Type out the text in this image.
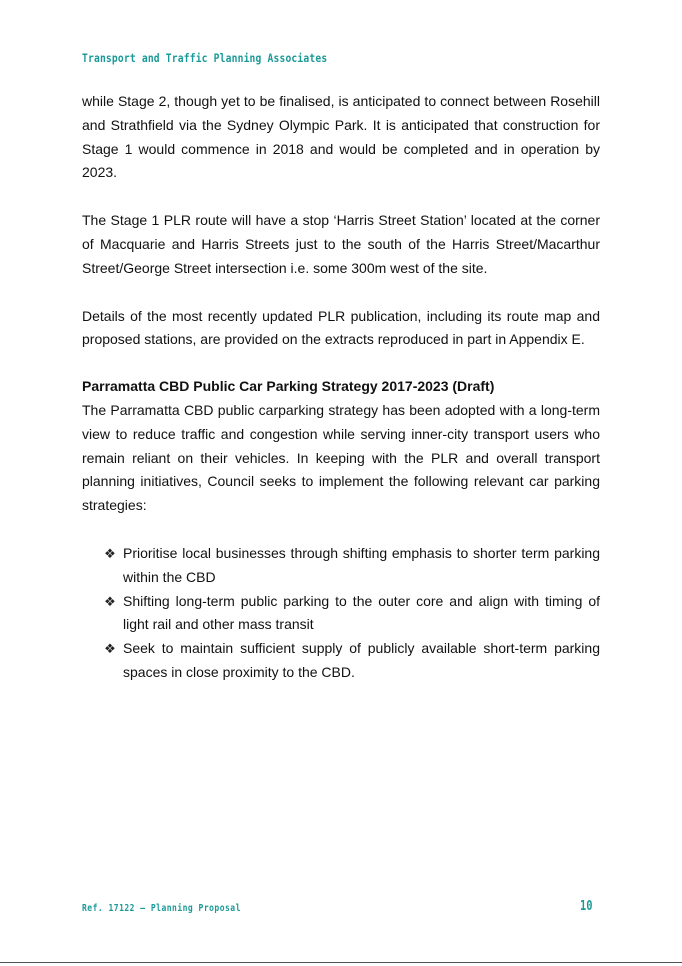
Transport and Traffic Planning Associates

while Stage 2, though yet to be finalised, is anticipated to connect between Rosehill and Strathfield via the Sydney Olympic Park. It is anticipated that construction for Stage 1 would commence in 2018 and would be completed and in operation by 2023.

The Stage 1 PLR route will have a stop ‘Harris Street Station’ located at the corner of Macquarie and Harris Streets just to the south of the Harris Street/Macarthur Street/George Street intersection i.e. some 300m west of the site.

Details of the most recently updated PLR publication, including its route map and proposed stations, are provided on the extracts reproduced in part in Appendix E.

Parramatta CBD Public Car Parking Strategy 2017-2023 (Draft)

The Parramatta CBD public carparking strategy has been adopted with a long-term view to reduce traffic and congestion while serving inner-city transport users who remain reliant on their vehicles. In keeping with the PLR and overall transport planning initiatives, Council seeks to implement the following relevant car parking strategies:

❖ Prioritise local businesses through shifting emphasis to shorter term parking within the CBD
❖ Shifting long-term public parking to the outer core and align with timing of light rail and other mass transit
❖ Seek to maintain sufficient supply of publicly available short-term parking spaces in close proximity to the CBD.
Ref. 17122 – Planning Proposal	10
